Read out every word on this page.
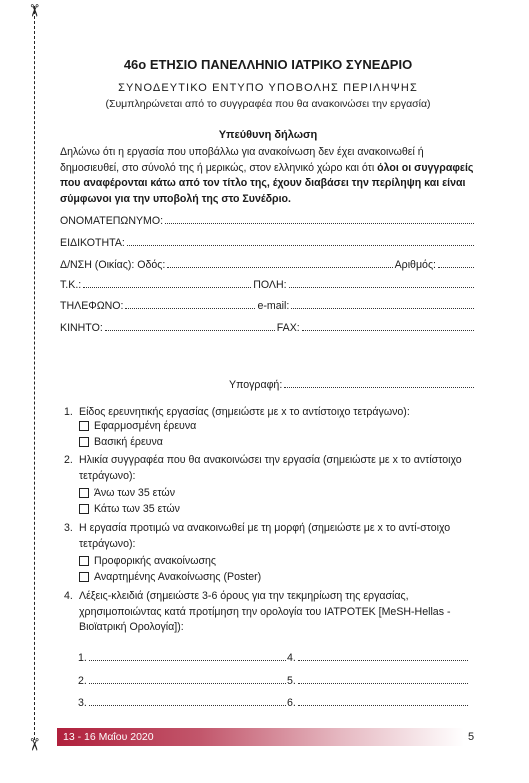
✂
✂
46ο ΕΤΗΣΙΟ ΠΑΝΕΛΛΗΝΙΟ ΙΑΤΡΙΚΟ ΣΥΝΕΔΡΙΟ
ΣΥΝΟΔΕΥΤΙΚΟ ΕΝΤΥΠΟ ΥΠΟΒΟΛΗΣ ΠΕΡΙΛΗΨΗΣ
(Συμπληρώνεται από το συγγραφέα που θα ανακοινώσει την εργασία)
Υπεύθυνη δήλωση
Δηλώνω ότι η εργασία που υποβάλλω για ανακοίνωση δεν έχει ανακοινωθεί ή δημοσιευθεί, στο σύνολό της ή μερικώς, στον ελληνικό χώρο και ότι όλοι οι συγγραφείς που αναφέρονται κάτω από τον τίτλο της, έχουν διαβάσει την περίληψη και είναι σύμφωνοι για την υποβολή της στο Συνέδριο.
ΟΝΟΜΑΤΕΠΩΝΥΜΟ:
ΕΙΔΙΚΟΤΗΤΑ:
Δ/ΝΣΗ (Οικίας): Οδός:	Αριθμός:
Τ.Κ.:	ΠΟΛΗ:
ΤΗΛΕΦΩΝΟ:	e-mail:
ΚΙΝΗΤΟ:	FAX:
Υπογραφή:
1. Είδος ερευνητικής εργασίας (σημειώστε με x το αντίστοιχο τετράγωνο):
Εφαρμοσμένη έρευνα
Βασική έρευνα
2. Ηλικία συγγραφέα που θα ανακοινώσει την εργασία (σημειώστε με x το αντίστοιχο τετράγωνο):
Άνω των 35 ετών
Κάτω των 35 ετών
3. Η εργασία προτιμώ να ανακοινωθεί με τη μορφή (σημειώστε με x το αντί-στοιχο τετράγωνο):
Προφορικής ανακοίνωσης
Αναρτημένης Ανακοίνωσης (Poster)
4. Λέξεις-κλειδιά (σημειώστε 3-6 όρους για την τεκμηρίωση της εργασίας, χρησιμοποιώντας κατά προτίμηση την ορολογία του ΙΑΤΡΟΤΕΚ [MeSH-Hellas - Βιοϊατρική Ορολογία]):
1.	4.
2.	5.
3.	6.
13 - 16 Μαΐου 2020	5
